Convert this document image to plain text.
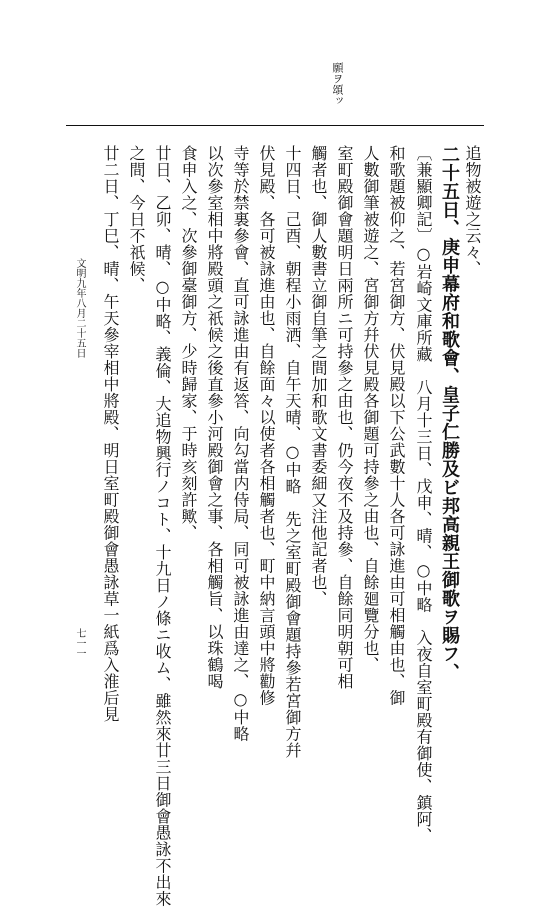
願ヲ頌ッ
追物被遊之云々、
二十五日、庚申幕府和歌會、皇子仁勝及ビ邦高親王御歌ヲ賜フ、
〔兼顯卿記〕○岩崎文庫所藏　八月十三日、戊申、晴、○中略　入夜自室町殿有御使、鎮阿、
和歌題被仰之、若宮御方、伏見殿以下公武數十人各可詠進由可相觸由也、御
人數御筆被遊之、宮御方幷伏見殿各御題可持參之由也、自餘廻覽分也、
室町殿御會題明日兩所ニ可持參之由也、仍今夜不及持參、自餘同明朝可相
觸者也、御人數書立御自筆之間加和歌文書委細又注他記者也、
十四日、己酉、朝程小雨洒、自午天晴、○中略　先之室町殿御會題持參若宮御方幷
伏見殿、各可被詠進由也、自餘面々以使者各相觸者也、町中納言頭中將勸修
寺等於禁裏參會、直可詠進由有返答、向勾當内侍局、同可被詠進由達之、○中略
以次參室相中將殿頭之祇候之後直參小河殿御會之事、各相觸旨、以珠鶴喝
食申入之、次參御臺御方、少時歸家、于時亥刻許歟、
廿日、乙卯、晴、○中略、義倫、大追物興行ノコト、十九日ノ條ニ收ム、雖然來廿三日御會愚詠不出來
之間、今日不祇候、
廿二日、丁巳、晴、午天參宰相中將殿、明日室町殿御會愚詠草一紙爲入淮后見
文明九年八月二十五日
七一一
